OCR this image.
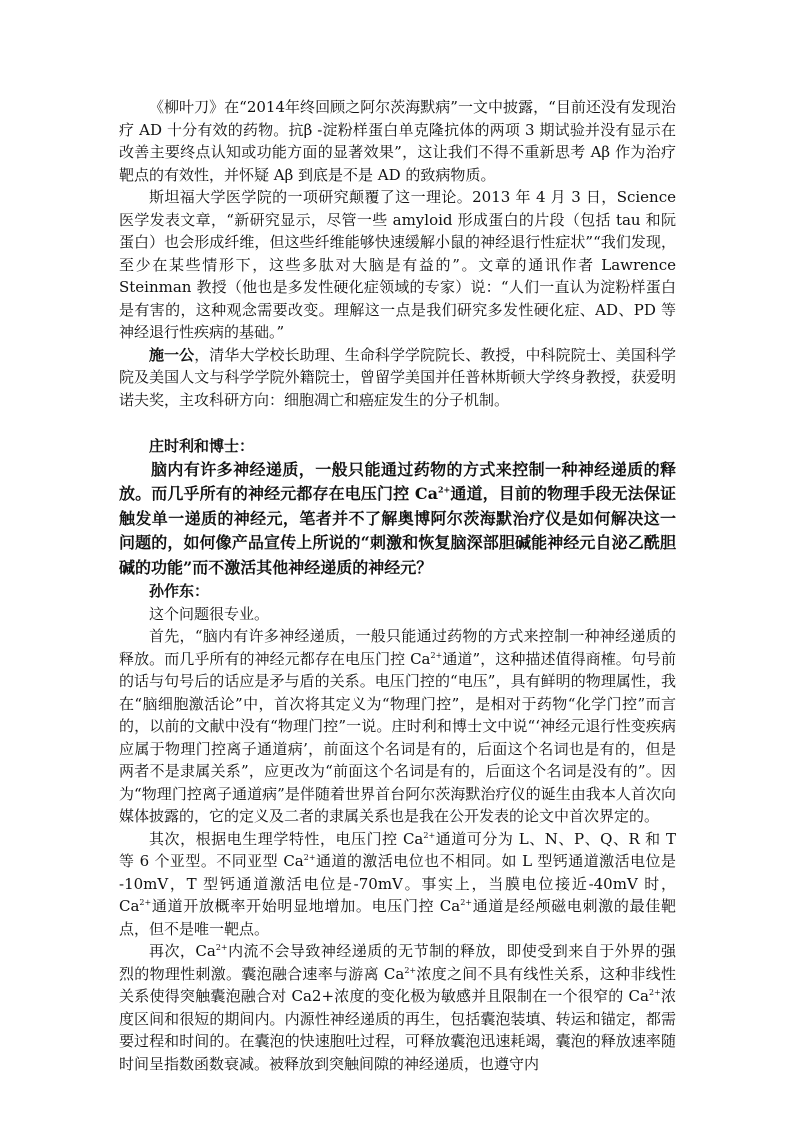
《柳叶刀》在“2014年终回顾之阿尔茨海默病”一文中披露，“目前还没有发现治疗 AD 十分有效的药物。抗β -淀粉样蛋白单克隆抗体的两项 3 期试验并没有显示在改善主要终点认知或功能方面的显著效果”，这让我们不得不重新思考 Aβ 作为治疗靶点的有效性，并怀疑 Aβ 到底是不是 AD 的致病物质。

斯坦福大学医学院的一项研究颠覆了这一理论。2013 年 4 月 3 日，Science 医学发表文章，“新研究显示，尽管一些 amyloid 形成蛋白的片段（包括 tau 和阮蛋白）也会形成纤维，但这些纤维能够快速缓解小鼠的神经退行性症状”“我们发现，至少在某些情形下，这些多肽对大脑是有益的”。文章的通讯作者 Lawrence Steinman 教授（他也是多发性硬化症领域的专家）说：“人们一直认为淀粉样蛋白是有害的，这种观念需要改变。理解这一点是我们研究多发性硬化症、AD、PD 等神经退行性疾病的基础。”

施一公，清华大学校长助理、生命科学学院院长、教授，中科院院士、美国科学院及美国人文与科学学院外籍院士，曾留学美国并任普林斯顿大学终身教授，获爱明诺夫奖，主攻科研方向：细胞凋亡和癌症发生的分子机制。

庄时利和博士：

脑内有许多神经递质，一般只能通过药物的方式来控制一种神经递质的释放。而几乎所有的神经元都存在电压门控 $Ca^{2+}$通道，目前的物理手段无法保证触发单一递质的神经元，笔者并不了解奥博阿尔茨海默治疗仪是如何解决这一问题的，如何像产品宣传上所说的“刺激和恢复脑深部胆碱能神经元自泌乙酰胆碱的功能”而不激活其他神经递质的神经元？

孙作东：

这个问题很专业。

首先，“脑内有许多神经递质，一般只能通过药物的方式来控制一种神经递质的释放。而几乎所有的神经元都存在电压门控 $Ca^{2+}$通道”，这种描述值得商榷。句号前的话与句号后的话应是矛与盾的关系。电压门控的“电压”，具有鲜明的物理属性，我在“脑细胞激活论”中，首次将其定义为“物理门控”，是相对于药物“化学门控”而言的，以前的文献中没有“物理门控”一说。庄时利和博士文中说“‘神经元退行性变疾病应属于物理门控离子通道病’，前面这个名词是有的，后面这个名词也是有的，但是两者不是隶属关系”，应更改为“前面这个名词是有的，后面这个名词是没有的”。因为“物理门控离子通道病”是伴随着世界首台阿尔茨海默治疗仪的诞生由我本人首次向媒体披露的，它的定义及二者的隶属关系也是我在公开发表的论文中首次界定的。

其次，根据电生理学特性，电压门控 $Ca^{2+}$通道可分为 L、N、P、Q、R 和 T 等 6 个亚型。不同亚型 $Ca^{2+}$通道的激活电位也不相同。如 L 型钙通道激活电位是 -10mV，T 型钙通道激活电位是-70mV。事实上，当膜电位接近-40mV 时，$Ca^{2+}$通道开放概率开始明显地增加。电压门控 $Ca^{2+}$通道是经颅磁电刺激的最佳靶点，但不是唯一靶点。

再次，$Ca^{2+}$内流不会导致神经递质的无节制的释放，即使受到来自于外界的强烈的物理性刺激。囊泡融合速率与游离 $Ca^{2+}$浓度之间不具有线性关系，这种非线性关系使得突触囊泡融合对 Ca2+浓度的变化极为敏感并且限制在一个很窄的 $Ca^{2+}$浓度区间和很短的期间内。内源性神经递质的再生，包括囊泡装填、转运和锚定，都需要过程和时间的。在囊泡的快速胞吐过程，可释放囊泡迅速耗竭，囊泡的释放速率随时间呈指数函数衰减。被释放到突触间隙的神经递质，也遵守内
